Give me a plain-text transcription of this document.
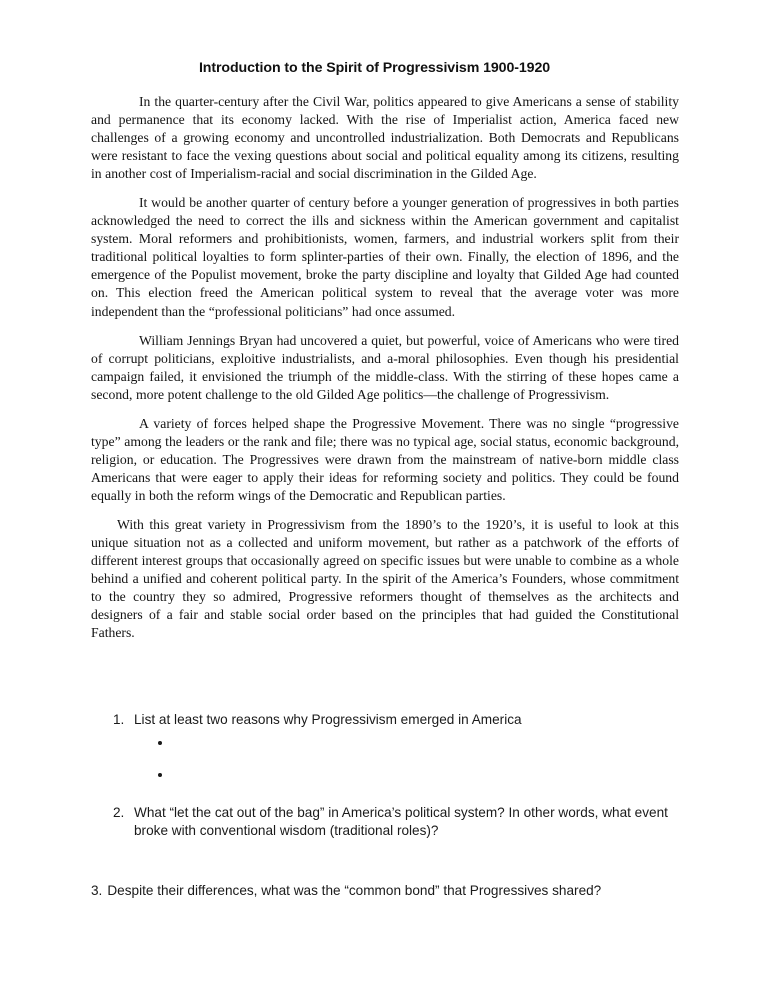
Introduction to the Spirit of Progressivism 1900-1920

In the quarter-century after the Civil War, politics appeared to give Americans a sense of stability and permanence that its economy lacked. With the rise of Imperialist action, America faced new challenges of a growing economy and uncontrolled industrialization. Both Democrats and Republicans were resistant to face the vexing questions about social and political equality among its citizens, resulting in another cost of Imperialism-racial and social discrimination in the Gilded Age.

It would be another quarter of century before a younger generation of progressives in both parties acknowledged the need to correct the ills and sickness within the American government and capitalist system. Moral reformers and prohibitionists, women, farmers, and industrial workers split from their traditional political loyalties to form splinter-parties of their own. Finally, the election of 1896, and the emergence of the Populist movement, broke the party discipline and loyalty that Gilded Age had counted on. This election freed the American political system to reveal that the average voter was more independent than the “professional politicians” had once assumed.

William Jennings Bryan had uncovered a quiet, but powerful, voice of Americans who were tired of corrupt politicians, exploitive industrialists, and a-moral philosophies. Even though his presidential campaign failed, it envisioned the triumph of the middle-class. With the stirring of these hopes came a second, more potent challenge to the old Gilded Age politics—the challenge of Progressivism.

A variety of forces helped shape the Progressive Movement. There was no single “progressive type” among the leaders or the rank and file; there was no typical age, social status, economic background, religion, or education. The Progressives were drawn from the mainstream of native-born middle class Americans that were eager to apply their ideas for reforming society and politics. They could be found equally in both the reform wings of the Democratic and Republican parties.

With this great variety in Progressivism from the 1890’s to the 1920’s, it is useful to look at this unique situation not as a collected and uniform movement, but rather as a patchwork of the efforts of different interest groups that occasionally agreed on specific issues but were unable to combine as a whole behind a unified and coherent political party. In the spirit of the America’s Founders, whose commitment to the country they so admired, Progressive reformers thought of themselves as the architects and designers of a fair and stable social order based on the principles that had guided the Constitutional Fathers.

1. List at least two reasons why Progressivism emerged in America
2. What “let the cat out of the bag” in America’s political system? In other words, what event broke with conventional wisdom (traditional roles)?
3. Despite their differences, what was the “common bond” that Progressives shared?
